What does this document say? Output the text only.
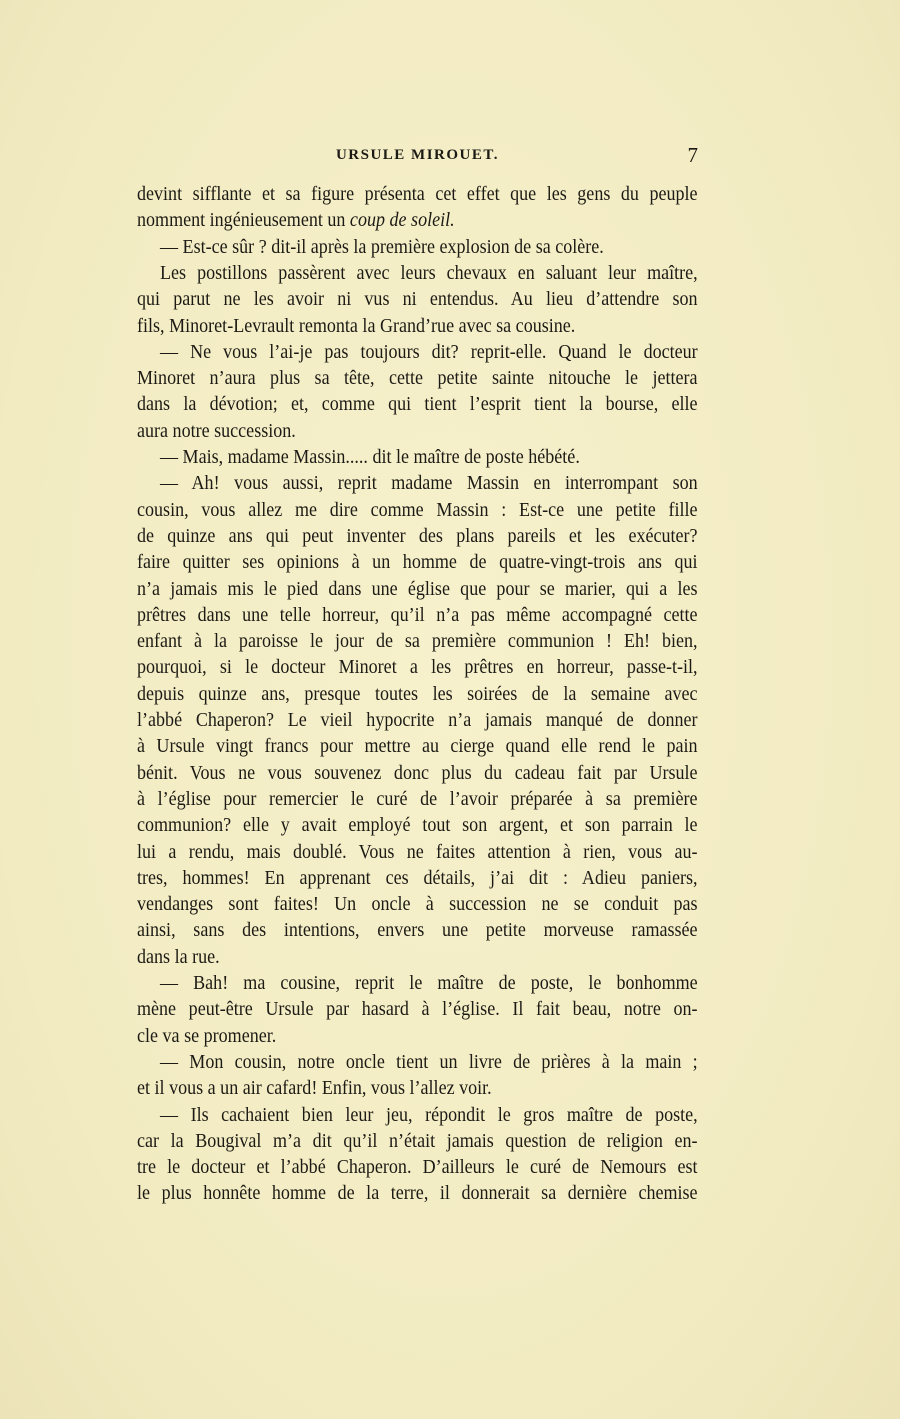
URSULE MIROUET.	7
devint sifflante et sa figure présenta cet effet que les gens du peuple
nomment ingénieusement un coup de soleil.
— Est-ce sûr ? dit-il après la première explosion de sa colère.
Les postillons passèrent avec leurs chevaux en saluant leur maître,
qui parut ne les avoir ni vus ni entendus. Au lieu d’attendre son
fils, Minoret-Levrault remonta la Grand’rue avec sa cousine.
— Ne vous l’ai-je pas toujours dit? reprit-elle. Quand le docteur
Minoret n’aura plus sa tête, cette petite sainte nitouche le jettera
dans la dévotion; et, comme qui tient l’esprit tient la bourse, elle
aura notre succession.
— Mais, madame Massin..... dit le maître de poste hébété.
— Ah! vous aussi, reprit madame Massin en interrompant son
cousin, vous allez me dire comme Massin : Est-ce une petite fille
de quinze ans qui peut inventer des plans pareils et les exécuter?
faire quitter ses opinions à un homme de quatre-vingt-trois ans qui
n’a jamais mis le pied dans une église que pour se marier, qui a les
prêtres dans une telle horreur, qu’il n’a pas même accompagné cette
enfant à la paroisse le jour de sa première communion ! Eh! bien,
pourquoi, si le docteur Minoret a les prêtres en horreur, passe-t-il,
depuis quinze ans, presque toutes les soirées de la semaine avec
l’abbé Chaperon? Le vieil hypocrite n’a jamais manqué de donner
à Ursule vingt francs pour mettre au cierge quand elle rend le pain
bénit. Vous ne vous souvenez donc plus du cadeau fait par Ursule
à l’église pour remercier le curé de l’avoir préparée à sa première
communion? elle y avait employé tout son argent, et son parrain le
lui a rendu, mais doublé. Vous ne faites attention à rien, vous au-
tres, hommes! En apprenant ces détails, j’ai dit : Adieu paniers,
vendanges sont faites! Un oncle à succession ne se conduit pas
ainsi, sans des intentions, envers une petite morveuse ramassée
dans la rue.
— Bah! ma cousine, reprit le maître de poste, le bonhomme
mène peut-être Ursule par hasard à l’église. Il fait beau, notre on-
cle va se promener.
— Mon cousin, notre oncle tient un livre de prières à la main ;
et il vous a un air cafard! Enfin, vous l’allez voir.
— Ils cachaient bien leur jeu, répondit le gros maître de poste,
car la Bougival m’a dit qu’il n’était jamais question de religion en-
tre le docteur et l’abbé Chaperon. D’ailleurs le curé de Nemours est
le plus honnête homme de la terre, il donnerait sa dernière chemise
